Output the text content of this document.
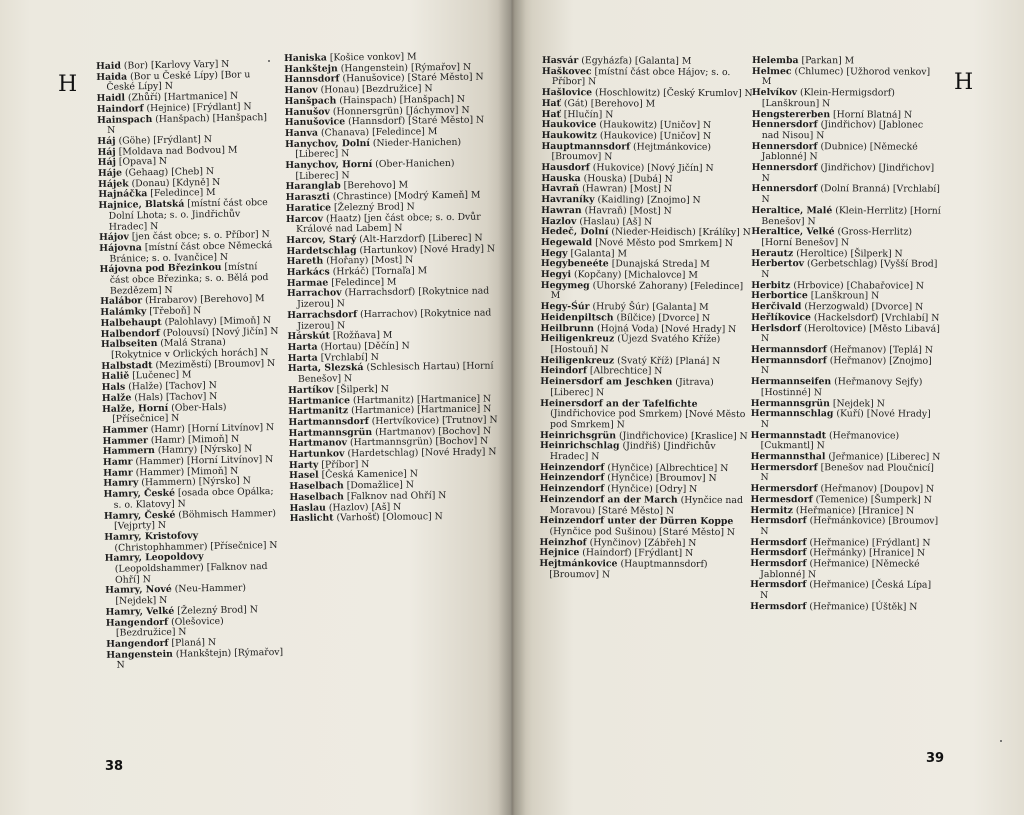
H
Haid (Bor) [Karlovy Vary] N
Haida (Bor u České Lípy) [Bor u České Lípy] N
Haidl (Zhůří) [Hartmanice] N
Haindorf (Hejnice) [Frýdlant] N
Hainspach (Hanšpach) [Hanšpach] N
Háj (Göhe) [Frýdlant] N
Háj [Moldava nad Bodvou] M
Háj [Opava] N
Háje (Gehaag) [Cheb] N
Hájek (Donau) [Kdyně] N
Hajnáčka [Feledince] M
Hajnice, Blatská [místní část obce Dolní Lhota; s. o. Jindřichův Hradec] N
Hájov [jen část obce; s. o. Příbor] N
Hájovna [místní část obce Německá Bránice; s. o. Ivančice] N
Hájovna pod Březinkou [místní část obce Březinka; s. o. Bělá pod Bezdězem] N
Halábor (Hrabarov) [Berehovo] M
Halámky [Třeboň] N
Halbehaupt (Palohlavy) [Mimoň] N
Halbendorf (Polouvsí) [Nový Jičín] N
Halbseiten (Malá Strana) [Rokytnice v Orlických horách] N
Halbstadt (Meziměstí) [Broumov] N
Haliě [Lučenec] M
Hals (Halže) [Tachov] N
Halže (Hals) [Tachov] N
Halže, Horní (Ober-Hals) [Přísečnice] N
Hammer (Hamr) [Horní Litvínov] N
Hammer (Hamr) [Mimoň] N
Hammern (Hamry) [Nýrsko] N
Hamr (Hammer) [Horní Litvínov] N
Hamr (Hammer) [Mimoň] N
Hamry (Hammern) [Nýrsko] N
Hamry, České [osada obce Opálka; s. o. Klatovy] N
Hamry, České (Böhmisch Hammer) [Vejprty] N
Hamry, Kristofovy (Christophhammer) [Přísečnice] N
Hamry, Leopoldovy (Leopoldshammer) [Falknov nad Ohří] N
Hamry, Nové (Neu-Hammer) [Nejdek] N
Hamry, Velké [Železný Brod] N
Hangendorf (Olešovice) [Bezdružice] N
Hangendorf [Planá] N
Hangenstein (Hankštejn) [Rýmařov] N
Haniska [Košice vonkov] M
Hankštejn (Hangenstein) [Rýmařov] N
Hannsdorf (Hanušovice) [Staré Město] N
Hanov (Honau) [Bezdružice] N
Hanšpach (Hainspach) [Hanšpach] N
Hanušov (Honnersgrün) [Jáchymov] N
Hanušovice (Hannsdorf) [Staré Město] N
Hanva (Chanava) [Feledince] M
Hanychov, Dolní (Nieder-Hanichen) [Liberec] N
Hanychov, Horní (Ober-Hanichen) [Liberec] N
Haranglab [Berehovo] M
Haraszti (Chrastince) [Modrý Kameň] M
Haratice [Železný Brod] N
Harcov (Haatz) [jen část obce; s. o. Dvůr Králové nad Labem] N
Harcov, Starý (Alt-Harzdorf) [Liberec] N
Hardetschlag (Hartunkov) [Nové Hrady] N
Hareth (Hořany) [Most] N
Harkács (Hrkáč) [Tornaľa] M
Harmae [Feledince] M
Harrachov (Harrachsdorf) [Rokytnice nad Jizerou] N
Harrachsdorf (Harrachov) [Rokytnice nad Jizerou] N
Hárskút [Rožňava] M
Harta (Hortau) [Děčín] N
Harta [Vrchlabí] N
Harta, Slezská (Schlesisch Hartau) [Horní Benešov] N
Hartíkov [Šilperk] N
Hartmanice (Hartmanitz) [Hartmanice] N
Hartmanitz (Hartmanice) [Hartmanice] N
Hartmannsdorf (Hertvíkovice) [Trutnov] N
Hartmannsgrün (Hartmanov) [Bochov] N
Hartmanov (Hartmannsgrün) [Bochov] N
Hartunkov (Hardetschlag) [Nové Hrady] N
Harty [Příbor] N
Hasel [Česká Kamenice] N
Haselbach [Domažlice] N
Haselbach [Falknov nad Ohří] N
Haslau (Hazlov) [Aš] N
Haslicht (Varhošť) [Olomouc] N
38
Hasvár (Egyházfa) [Galanta] M
Haškovec [místní část obce Hájov; s. o. Příbor] N
Hašlovice (Hoschlowitz) [Český Krumlov] N
Hať (Gát) [Berehovo] M
Hať [Hlučín] N
Haukovice (Haukowitz) [Uničov] N
Haukowitz (Haukovice) [Uničov] N
Hauptmannsdorf (Hejtmánkovice) [Broumov] N
Hausdorf (Hukovice) [Nový Jičín] N
Hauska (Houska) [Dubá] N
Havraň (Hawran) [Most] N
Havraníky (Kaidling) [Znojmo] N
Hawran (Havraň) [Most] N
Hazlov (Haslau) [Aš] N
Hedeč, Dolní (Nieder-Heidisch) [Králíky] N
Hegewald [Nové Město pod Smrkem] N
Hegy [Galanta] M
Hegybeneéte [Dunajská Streda] M
Hegyi (Kopčany) [Michalovce] M
Hegymeg (Uhorské Zahorany) [Feledince] M
Hegy-Śúr (Hrubý Šúr) [Galanta] M
Heidenpiltsch (Bílčice) [Dvorce] N
Heilbrunn (Hojná Voda) [Nové Hrady] N
Heiligenkreuz (Újezd Svatého Kříže) [Hostouň] N
Heiligenkreuz (Svatý Kříž) [Planá] N
Heindorf [Albrechtice] N
Heinersdorf am Jeschken (Jitrava) [Liberec] N
Heinersdorf an der Tafelfichte (Jindřichovice pod Smrkem) [Nové Město pod Smrkem] N
Heinrichsgrün (Jindřichovice) [Kraslice] N
Heinrichschlag (Jindřiš) [Jindřichův Hradec] N
Heinzendorf (Hynčice) [Albrechtice] N
Heinzendorf (Hynčice) [Broumov] N
Heinzendorf (Hynčice) [Odry] N
Heinzendorf an der March (Hynčice nad Moravou) [Staré Město] N
Heinzendorf unter der Dürren Koppe (Hynčice pod Sušinou) [Staré Město] N
Heinzhof (Hynčinov) [Zábřeh] N
Hejnice (Haindorf) [Frýdlant] N
Hejtmánkovice (Hauptmannsdorf) [Broumov] N
Helemba [Parkan] M
Helmec (Chlumec) [Užhorod venkov] M
Helvíkov (Klein-Hermigsdorf) [Lanškroun] N
Hengstererben [Horní Blatná] N
Hennersdorf (Jindřichov) [Jablonec nad Nisou] N
Hennersdorf (Dubnice) [Německé Jablonné] N
Hennersdorf (Jindřichov) [Jindřichov] N
Hennersdorf (Dolní Branná) [Vrchlabí] N
Heraltice, Malé (Klein-Herrlitz) [Horní Benešov] N
Heraltice, Velké (Gross-Herrlitz) [Horní Benešov] N
Herautz (Heroltice) [Šilperk] N
Herbertov (Gerbetschlag) [Vyšší Brod] N
Herbitz (Hrbovice) [Chabařovice] N
Herbortice [Lanškroun] N
Herčivald (Herzogwald) [Dvorce] N
Heřlíkovice (Hackelsdorf) [Vrchlabí] N
Herlsdorf (Heroltovice) [Město Libavá] N
Hermannsdorf (Heřmanov) [Teplá] N
Hermannsdorf (Heřmanov) [Znojmo] N
Hermannseifen (Heřmanovy Sejfy) [Hostinné] N
Hermannsgrün [Nejdek] N
Hermannschlag (Kuří) [Nové Hrady] N
Hermannstadt (Heřmanovice) [Cukmantl] N
Hermannsthal (Jeřmanice) [Liberec] N
Hermersdorf [Benešov nad Ploučnicí] N
Hermersdorf (Heřmanov) [Doupov] N
Hermesdorf (Temenice) [Šumperk] N
Hermitz (Heřmanice) [Hranice] N
Hermsdorf (Heřmánkovice) [Broumov] N
Hermsdorf (Heřmanice) [Frýdlant] N
Hermsdorf (Heřmánky) [Hranice] N
Hermsdorf (Heřmanice) [Německé Jablonné] N
Hermsdorf (Heřmanice) [Česká Lípa] N
Hermsdorf (Heřmanice) [Úštěk] N
H
39
